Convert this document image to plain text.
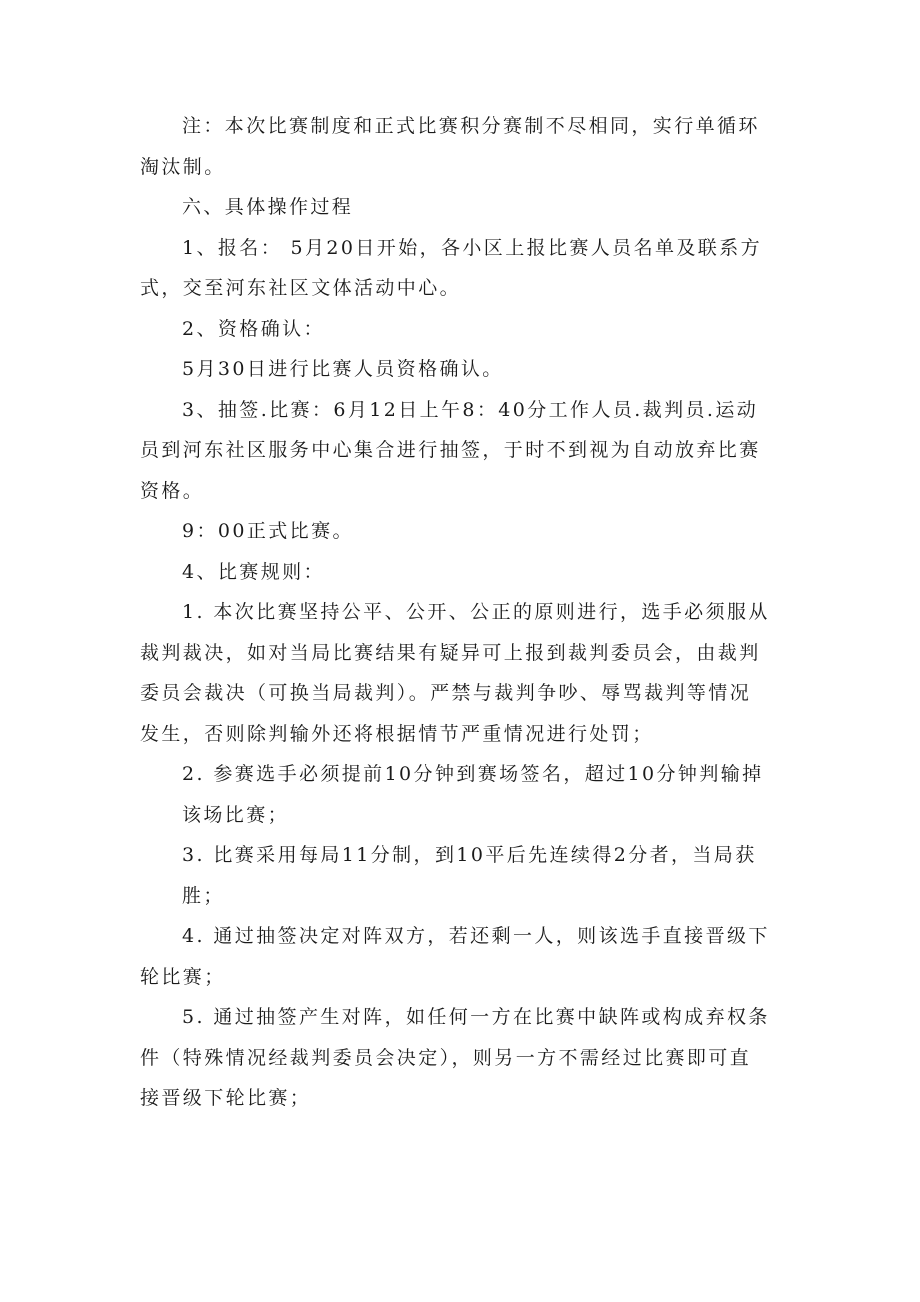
注：本次比赛制度和正式比赛积分赛制不尽相同，实行单循环
淘汰制。

六、具体操作过程

1、报名： 5月20日开始，各小区上报比赛人员名单及联系方
式，交至河东社区文体活动中心。

2、资格确认：

5月30日进行比赛人员资格确认。

3、抽签.比赛：6月12日上午8：40分工作人员.裁判员.运动
员到河东社区服务中心集合进行抽签，于时不到视为自动放弃比赛
资格。

9：00正式比赛。

4、比赛规则：

1. 本次比赛坚持公平、公开、公正的原则进行，选手必须服从
裁判裁决，如对当局比赛结果有疑异可上报到裁判委员会，由裁判
委员会裁决（可换当局裁判）。严禁与裁判争吵、辱骂裁判等情况
发生，否则除判输外还将根据情节严重情况进行处罚；

2. 参赛选手必须提前10分钟到赛场签名，超过10分钟判输掉
该场比赛；

3. 比赛采用每局11分制，到10平后先连续得2分者，当局获
胜；

4. 通过抽签决定对阵双方，若还剩一人，则该选手直接晋级下
轮比赛；

5. 通过抽签产生对阵，如任何一方在比赛中缺阵或构成弃权条
件（特殊情况经裁判委员会决定），则另一方不需经过比赛即可直
接晋级下轮比赛；
